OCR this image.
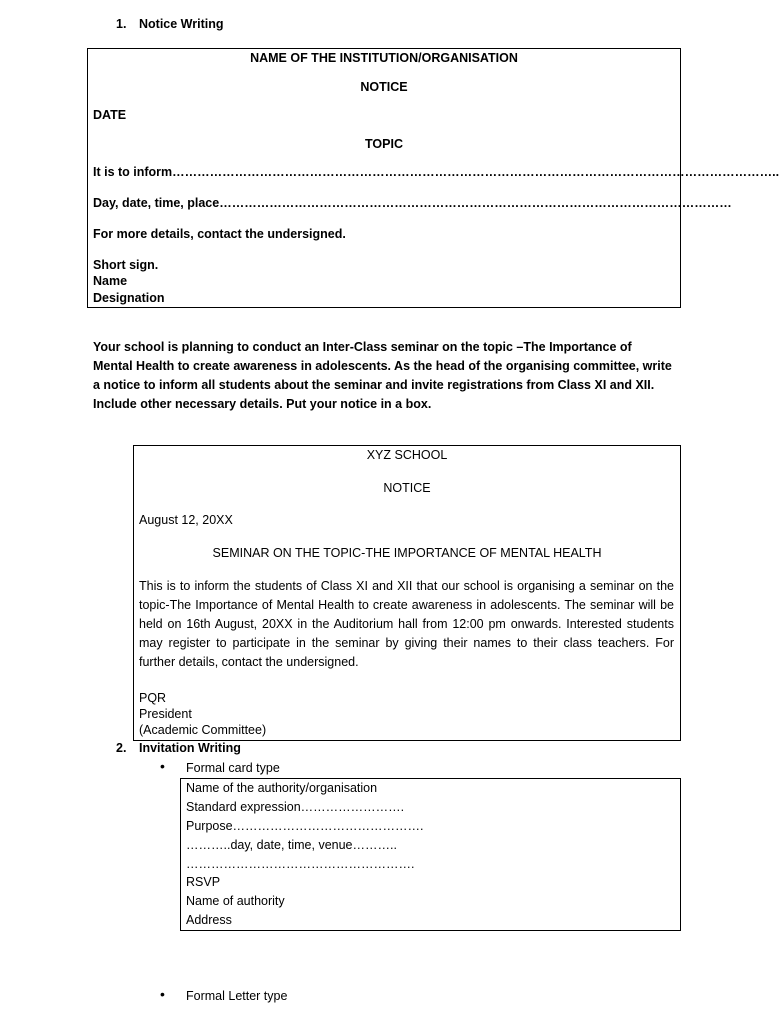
1. Notice Writing
NAME OF THE INSTITUTION/ORGANISATION
NOTICE
DATE
TOPIC
It is to inform………………………………………………………………………………………………………………………………..
Day, date, time, place……………………………………………………………………………………………………………
For more details, contact the undersigned.
Short sign.
Name
Designation
Your school is planning to conduct an Inter-Class seminar on the topic –The Importance of Mental Health to create awareness in adolescents. As the head of the organising committee, write a notice to inform all students about the seminar and invite registrations from Class XI and XII. Include other necessary details. Put your notice in a box.
XYZ SCHOOL
NOTICE
August 12, 20XX
SEMINAR ON THE TOPIC-THE IMPORTANCE OF MENTAL HEALTH
This is to inform the students of Class XI and XII that our school is organising a seminar on the topic-The Importance of Mental Health to create awareness in adolescents. The seminar will be held on 16th August, 20XX in the Auditorium hall from 12:00 pm onwards. Interested students may register to participate in the seminar by giving their names to their class teachers. For further details, contact the undersigned.
PQR
President
(Academic Committee)
2. Invitation Writing
• Formal card type
Name of the authority/organisation
Standard expression…………………….
Purpose……………………………………….
………..day, date, time, venue………..
……………………………………………….
RSVP
Name of authority
Address
• Formal Letter type
